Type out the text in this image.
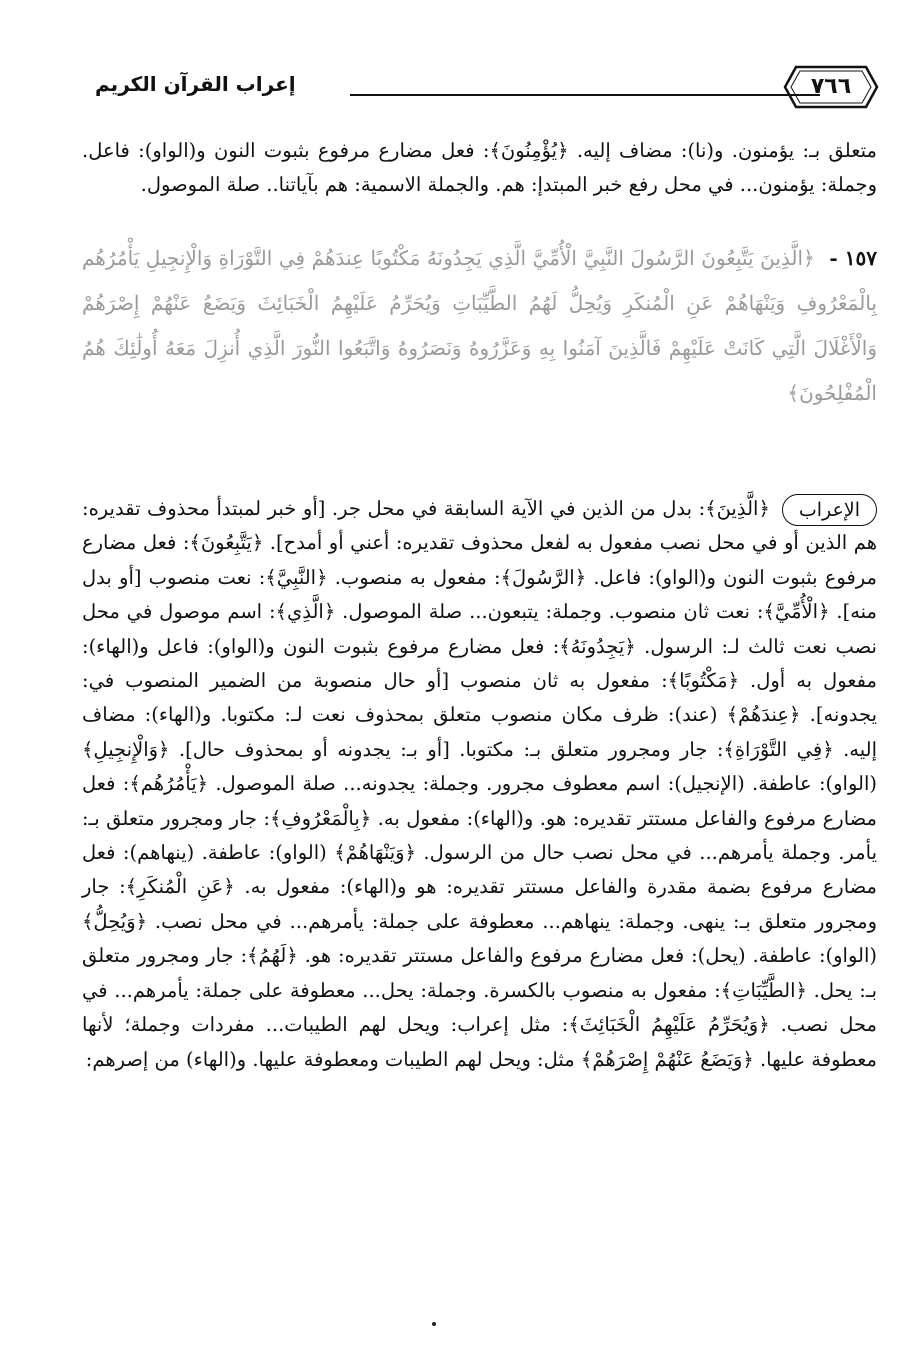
إعراب القرآن الكريم	٧٦٦
متعلق بـ: يؤمنون. و(نا): مضاف إليه. ﴿يُؤْمِنُونَ﴾: فعل مضارع مرفوع بثبوت النون و(الواو): فاعل. وجملة: يؤمنون... في محل رفع خبر المبتدإ: هم. والجملة الاسمية: هم بآياتنا.. صلة الموصول.
١٥٧ - ﴿الَّذِينَ يَتَّبِعُونَ الرَّسُولَ النَّبِيَّ الْأُمِّيَّ الَّذِي يَجِدُونَهُ مَكْتُوبًا عِندَهُمْ فِي التَّوْرَاةِ وَالْإِنجِيلِ يَأْمُرُهُم بِالْمَعْرُوفِ وَيَنْهَاهُمْ عَنِ الْمُنكَرِ وَيُحِلُّ لَهُمُ الطَّيِّبَاتِ وَيُحَرِّمُ عَلَيْهِمُ الْخَبَائِثَ وَيَضَعُ عَنْهُمْ إِصْرَهُمْ وَالْأَغْلَالَ الَّتِي كَانَتْ عَلَيْهِمْ فَالَّذِينَ آمَنُوا بِهِ وَعَزَّرُوهُ وَنَصَرُوهُ وَاتَّبَعُوا النُّورَ الَّذِي أُنزِلَ مَعَهُ أُولَٰئِكَ هُمُ الْمُفْلِحُونَ﴾
الإعراب
﴿الَّذِينَ﴾: بدل من الذين في الآية السابقة في محل جر. [أو خبر لمبتدأ محذوف تقديره: هم الذين أو في محل نصب مفعول به لفعل محذوف تقديره: أعني أو أمدح]. ﴿يَتَّبِعُونَ﴾: فعل مضارع مرفوع بثبوت النون و(الواو): فاعل. ﴿الرَّسُولَ﴾: مفعول به منصوب. ﴿النَّبِيَّ﴾: نعت منصوب [أو بدل منه]. ﴿الْأُمِّيَّ﴾: نعت ثان منصوب. وجملة: يتبعون... صلة الموصول. ﴿الَّذِي﴾: اسم موصول في محل نصب نعت ثالث لـ: الرسول. ﴿يَجِدُونَهُ﴾: فعل مضارع مرفوع بثبوت النون و(الواو): فاعل و(الهاء): مفعول به أول. ﴿مَكْتُوبًا﴾: مفعول به ثان منصوب [أو حال منصوبة من الضمير المنصوب في: يجدونه]. ﴿عِندَهُمْ﴾ (عند): ظرف مكان منصوب متعلق بمحذوف نعت لـ: مكتوبا. و(الهاء): مضاف إليه. ﴿فِي التَّوْرَاةِ﴾: جار ومجرور متعلق بـ: مكتوبا. [أو بـ: يجدونه أو بمحذوف حال]. ﴿وَالْإِنجِيلِ﴾ (الواو): عاطفة. (الإنجيل): اسم معطوف مجرور. وجملة: يجدونه... صلة الموصول. ﴿يَأْمُرُهُم﴾: فعل مضارع مرفوع والفاعل مستتر تقديره: هو. و(الهاء): مفعول به. ﴿بِالْمَعْرُوفِ﴾: جار ومجرور متعلق بـ: يأمر. وجملة يأمرهم... في محل نصب حال من الرسول. ﴿وَيَنْهَاهُمْ﴾ (الواو): عاطفة. (ينهاهم): فعل مضارع مرفوع بضمة مقدرة والفاعل مستتر تقديره: هو و(الهاء): مفعول به. ﴿عَنِ الْمُنكَرِ﴾: جار ومجرور متعلق بـ: ينهى. وجملة: ينهاهم... معطوفة على جملة: يأمرهم... في محل نصب. ﴿وَيُحِلُّ﴾ (الواو): عاطفة. (يحل): فعل مضارع مرفوع والفاعل مستتر تقديره: هو. ﴿لَهُمُ﴾: جار ومجرور متعلق بـ: يحل. ﴿الطَّيِّبَاتِ﴾: مفعول به منصوب بالكسرة. وجملة: يحل... معطوفة على جملة: يأمرهم... في محل نصب. ﴿وَيُحَرِّمُ عَلَيْهِمُ الْخَبَائِثَ﴾: مثل إعراب: ويحل لهم الطيبات... مفردات وجملة؛ لأنها معطوفة عليها. ﴿وَيَضَعُ عَنْهُمْ إِصْرَهُمْ﴾ مثل: ويحل لهم الطيبات ومعطوفة عليها. و(الهاء) من إصرهم:
